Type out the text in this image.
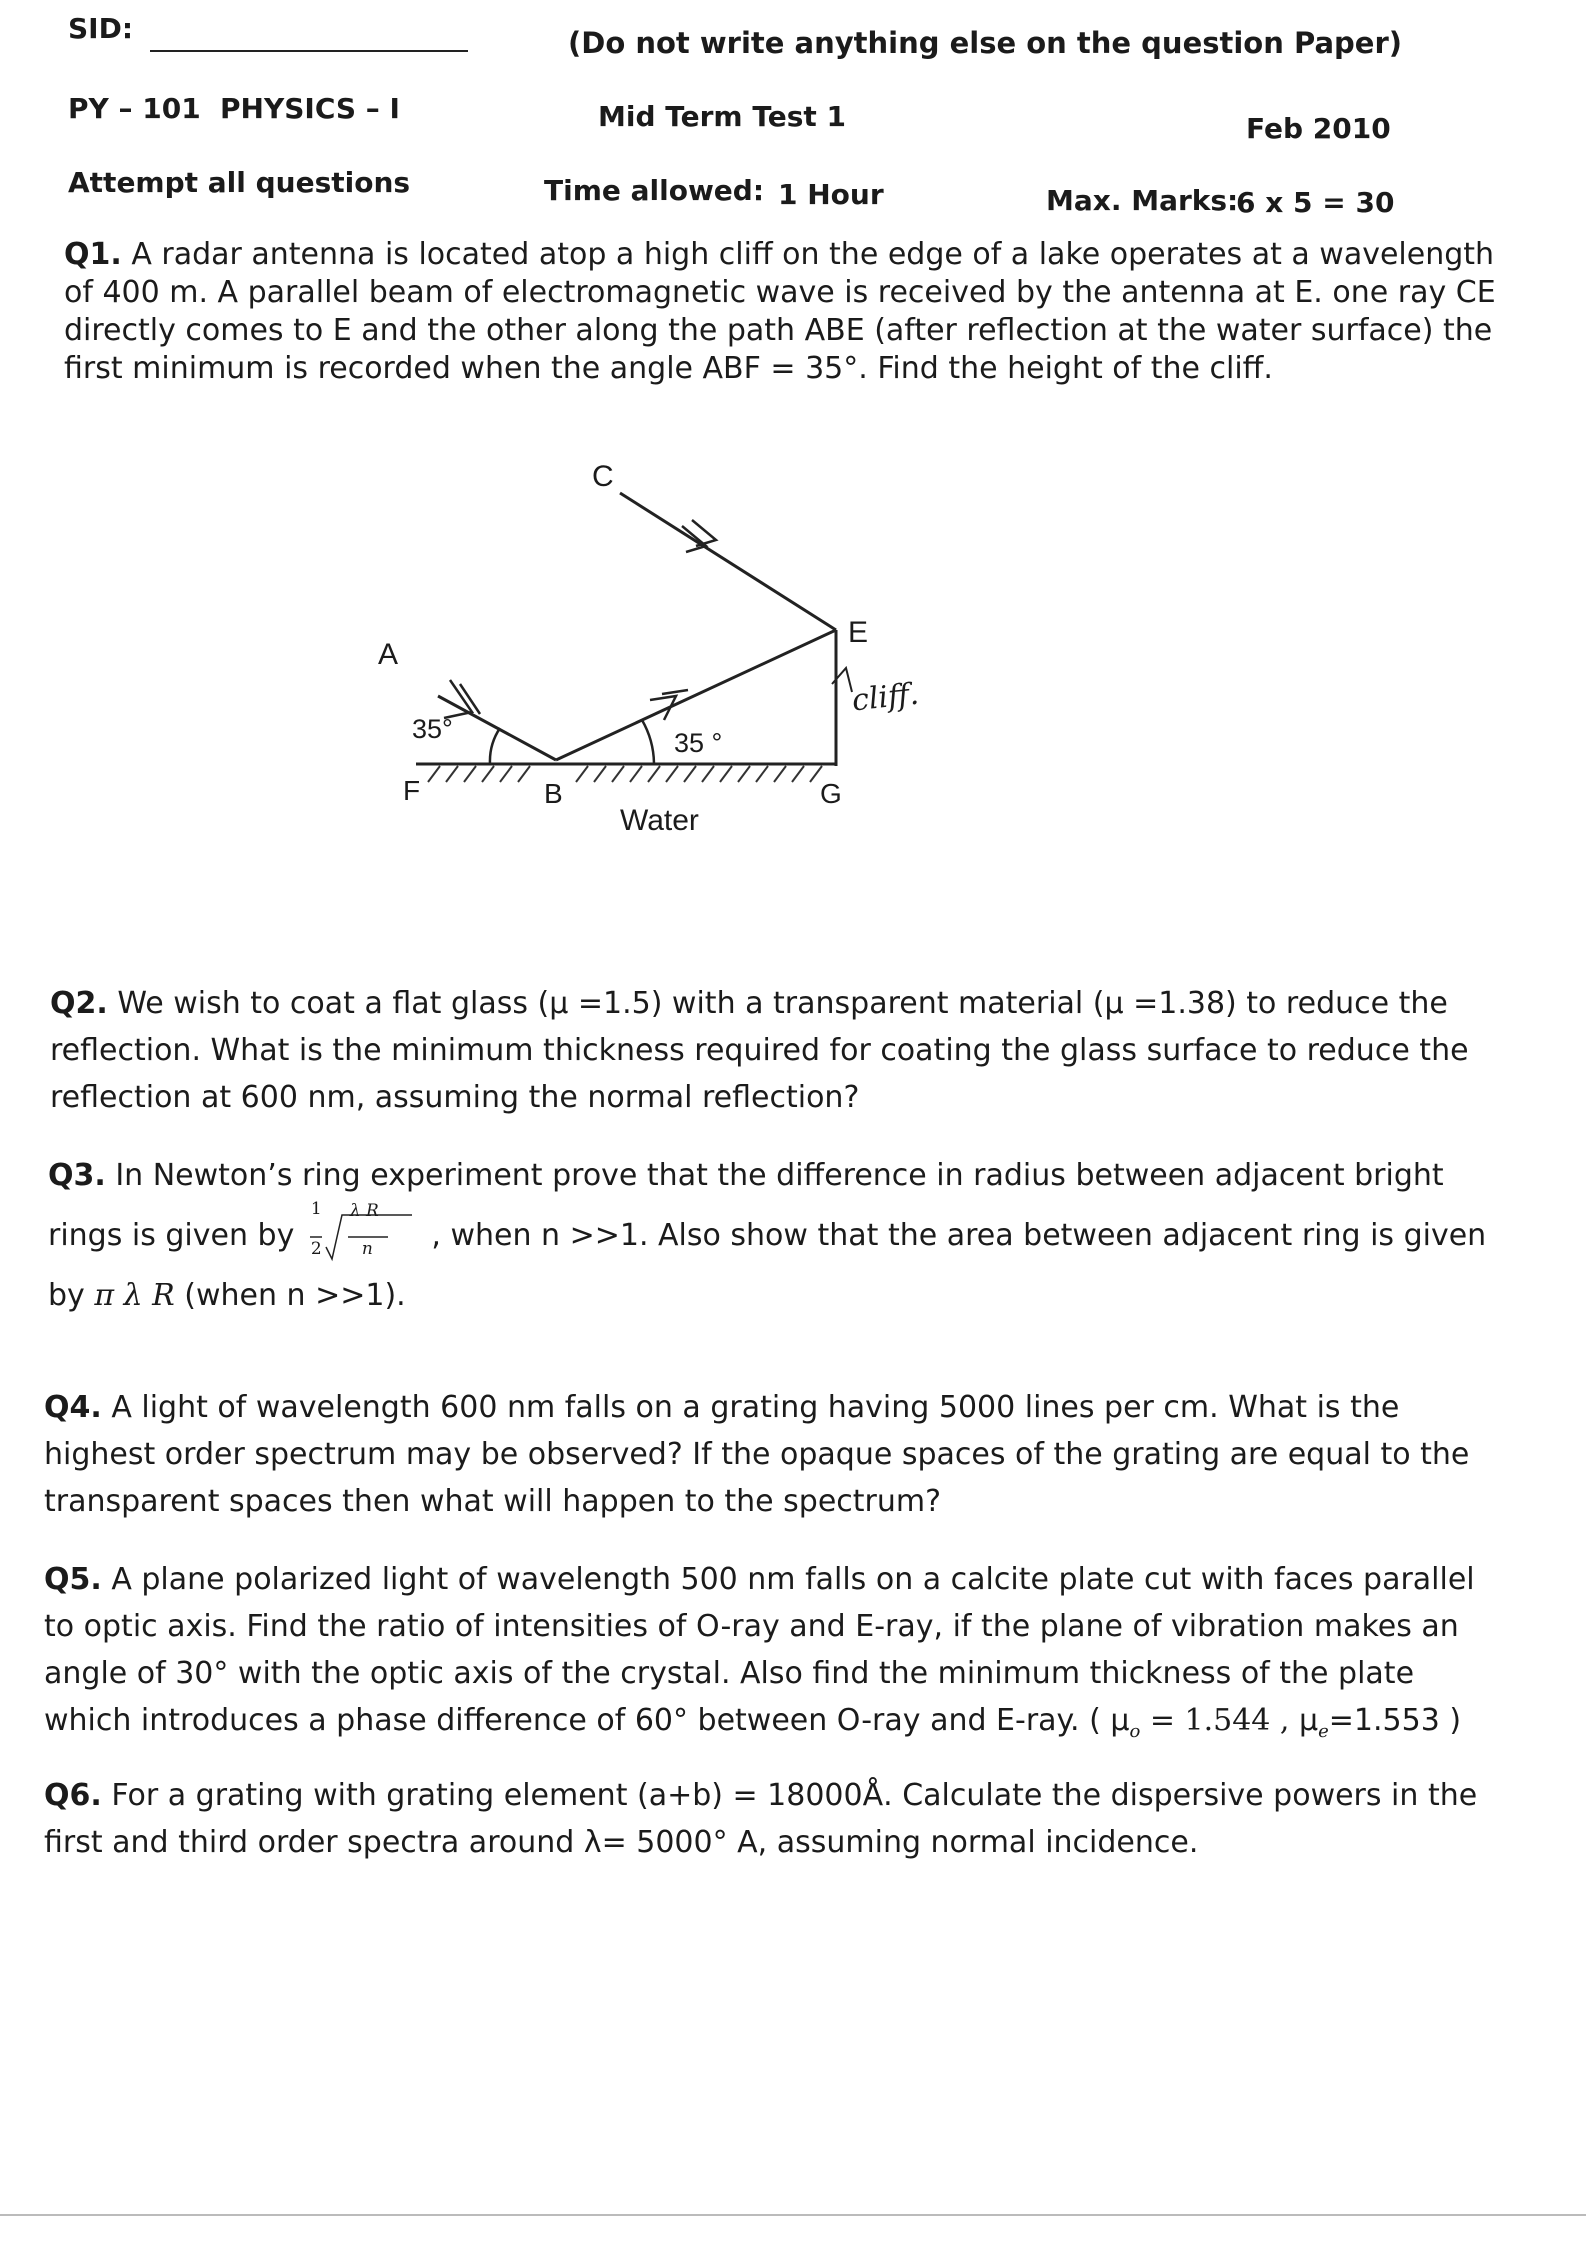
SID:	(Do not write anything else on the question Paper)
PY – 101 PHYSICS – I	Mid Term Test 1	Feb 2010
Attempt all questions	Time allowed: 1 Hour	Max. Marks:
6 x 5 = 30
Q1. A radar antenna is located atop a high cliff on the edge of a lake operates at a wavelength
of 400 m. A parallel beam of electromagnetic wave is received by the antenna at E. one ray CE
directly comes to E and the other along the path ABE (after reflection at the water surface) the
first minimum is recorded when the angle ABF = 35°. Find the height of the cliff.
C
A
E
F	B	G
35°	35 °
Water
cliff.
Q2. We wish to coat a flat glass (μ =1.5) with a transparent material (μ =1.38) to reduce the
reflection. What is the minimum thickness required for coating the glass surface to reduce the
reflection at 600 nm, assuming the normal reflection?
Q3. In Newton’s ring experiment prove that the difference in radius between adjacent bright
rings is given by
1
2
λ R
n , when n >>1. Also show that the area between adjacent ring is given
by π λ R (when n >>1).
Q4. A light of wavelength 600 nm falls on a grating having 5000 lines per cm. What is the
highest order spectrum may be observed? If the opaque spaces of the grating are equal to the
transparent spaces then what will happen to the spectrum?
Q5. A plane polarized light of wavelength 500 nm falls on a calcite plate cut with faces parallel
to optic axis. Find the ratio of intensities of O-ray and E-ray, if the plane of vibration makes an
angle of 30° with the optic axis of the crystal. Also find the minimum thickness of the plate
which introduces a phase difference of 60° between O-ray and E-ray. ( $\mu_o = 1.544$ , $\mu_e=1.553$ )
Q6. For a grating with grating element (a+b) = 18000Å. Calculate the dispersive powers in the
first and third order spectra around λ= 5000° A, assuming normal incidence.
